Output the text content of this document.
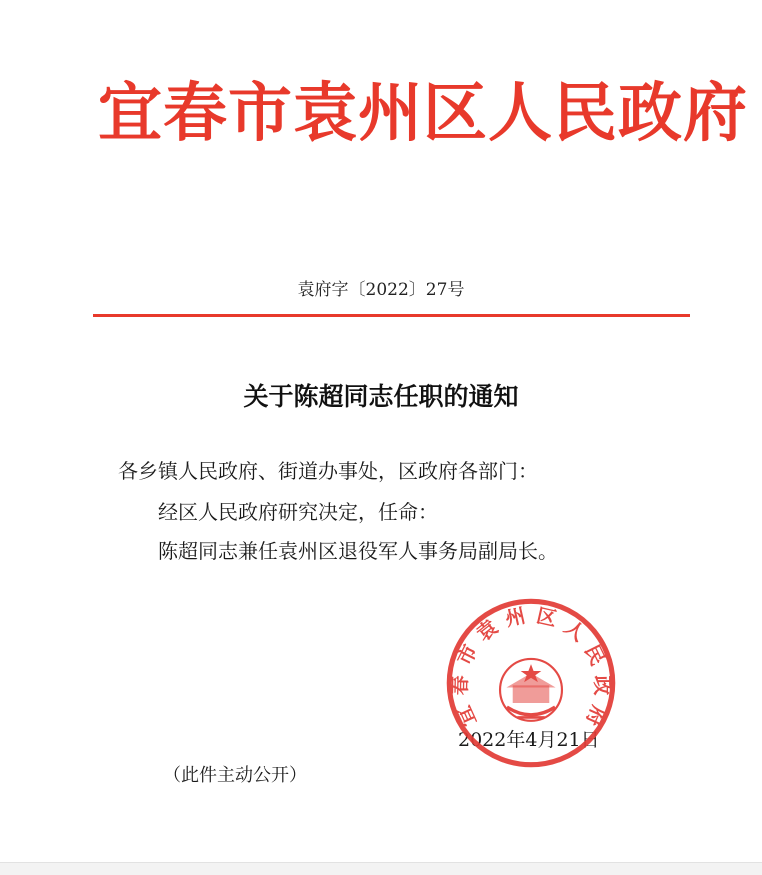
宜春市袁州区人民政府
袁府字〔2022〕27号
关于陈超同志任职的通知
各乡镇人民政府、街道办事处，区政府各部门：
经区人民政府研究决定，任命：
陈超同志兼任袁州区退役军人事务局副局长。
2022年4月21日
宜春市袁州区人民政府
（此件主动公开）
